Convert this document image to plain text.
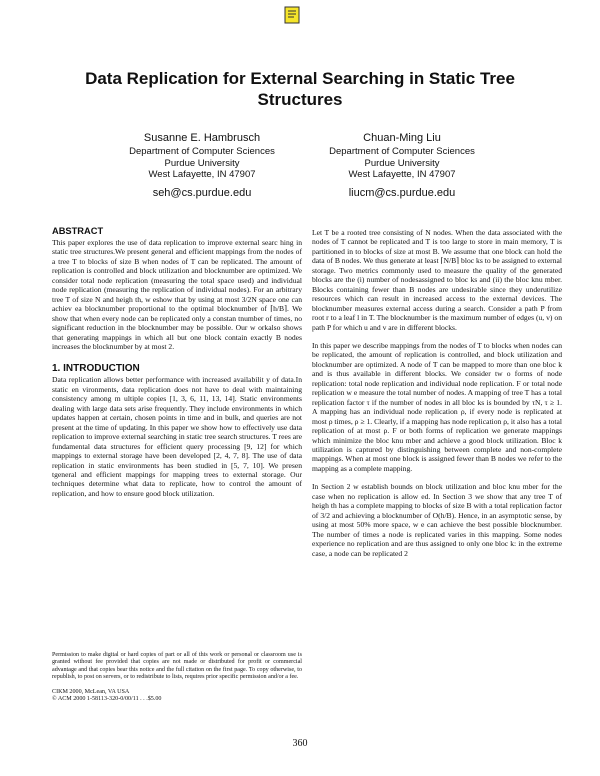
Data Replication for External Searching in Static Tree Structures
Susanne E. Hambrusch
Department of Computer Sciences
Purdue University
West Lafayette, IN 47907
seh@cs.purdue.edu
Chuan-Ming Liu
Department of Computer Sciences
Purdue University
West Lafayette, IN 47907
liucm@cs.purdue.edu
ABSTRACT

This paper explores the use of data replication to improve external searc hing in static tree structures.We present general and efficient mappings from the nodes of a tree T to blocks of size B when nodes of T can be replicated. The amount of replication is controlled and block utilization and blocknumber are optimized. We consider total node replication (measuring the total space used) and individual node replication (measuring the replication of individual nodes). For an arbitrary tree T of size N and heigh th, w eshow that by using at most 3/2N space one can achiev ea blocknumber proportional to the optimal blocknumber of ⌈h/B⌉. We show that when every node can be replicated only a constan tnumber of times, no significant reduction in the blocknumber may be possible. Our w orkalso shows that generating mappings in which all but one block contain exactly B nodes increases the blocknumber by at most 2.

1. INTRODUCTION

Data replication allows better performance with increased availabilit y of data.In static en vironments, data replication does not have to deal with maintaining consistency among m ultiple copies [1, 3, 6, 11, 13, 14]. Static environments dealing with large data sets arise frequently. They include environments in which updates happen at certain, chosen points in time and in bulk, and queries are not present at the time of updating. In this paper we show how to effectively use data replication to improve external searching in static tree search structures. T rees are fundamental data structures for efficient query processing [9, 12] for which mappings to external storage have been developed [2, 4, 7, 8]. The use of data replication in static environments has been studied in [5, 7, 10]. We presen tgeneral and efficient mappings for mapping trees to external storage. Our techniques determine what data to replicate, how to control the amount of replication, and how to ensure good block utilization.

Permission to make digital or hard copies of part or all of this work or personal or classroom use is granted without fee provided that copies are not made or distributed for profit or commercial advantage and that copies bear this notice and the full citation on the first page. To copy otherwise, to republish, to post on servers, or to redistribute to lists, requires prior specific permission and/or a fee.

CIKM 2000, McLean, VA USA

© ACM 2000 1-58113-320-0/00/11 . . .$5.00

Let T be a rooted tree consisting of N nodes. When the data associated with the nodes of T cannot be replicated and T is too large to store in main memory, T is partitioned in to blocks of size at most B. We assume that one block can hold the data of B nodes. We thus generate at least ⌈N/B⌉ bloc ks to be assigned to external storage. Two metrics commonly used to measure the quality of the generated blocks are the (i) number of nodesassigned to bloc ks and (ii) the bloc knu mber. Blocks containing fewer than B nodes are undesirable since they underutilize resources which can result in increased access to the external devices. The blocknumber measures external access during a search. Consider a path P from root r to a leaf l in T. The blocknumber is the maximum number of edges (u, v) on path P for which u and v are in different blocks.

In this paper we describe mappings from the nodes of T to blocks when nodes can be replicated, the amount of replication is controlled, and block utilization and blocknumber are optimized. A node of T can be mapped to more than one bloc k and is thus available in different blocks. We consider tw o forms of node replication: total node replication and individual node replication. F or total node replication w e measure the total number of nodes. A mapping of tree T has a total replication factor τ if the number of nodes in all bloc ks is bounded by τN, τ ≥ 1. A mapping has an individual node replication ρ, if every node is replicated at most ρ times, ρ ≥ 1. Clearly, if a mapping has node replication ρ, it also has a total replication of at most ρ. F or both forms of replication we generate mappings which minimize the bloc knu mber and achieve a good block utilization. Bloc k utilization is captured by distinguishing between complete and non-complete mappings. When at most one block is assigned fewer than B nodes we refer to the mapping as a complete mapping.

In Section 2 w establish bounds on block utilization and bloc knu mber for the case when no replication is allow ed. In Section 3 we show that any tree T of heigh th has a complete mapping to blocks of size B with a total replication factor of 3/2 and achieving a blocknumber of O(h/B). Hence, in an asymptotic sense, by using at most 50% more space, w e can achieve the best possible blocknumber. The number of times a node is replicated varies in this mapping. Some nodes experience no replication and are thus assigned to only one bloc k: in the extreme case, a node can be replicated 2

360
